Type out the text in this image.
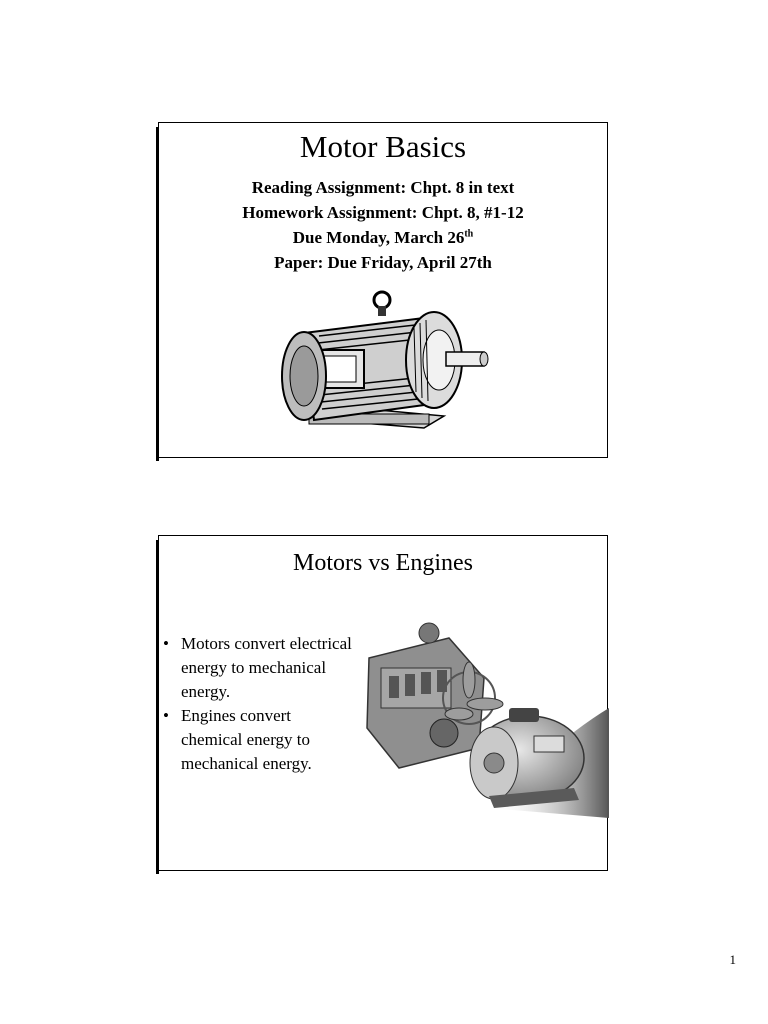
Motor Basics
Reading Assignment: Chpt. 8 in text
Homework Assignment: Chpt. 8, #1-12
Due Monday, March 26th
Paper: Due Friday, April 27th
Motors vs Engines
• Motors convert electrical energy to mechanical energy.
• Engines convert chemical energy to mechanical energy.
1
